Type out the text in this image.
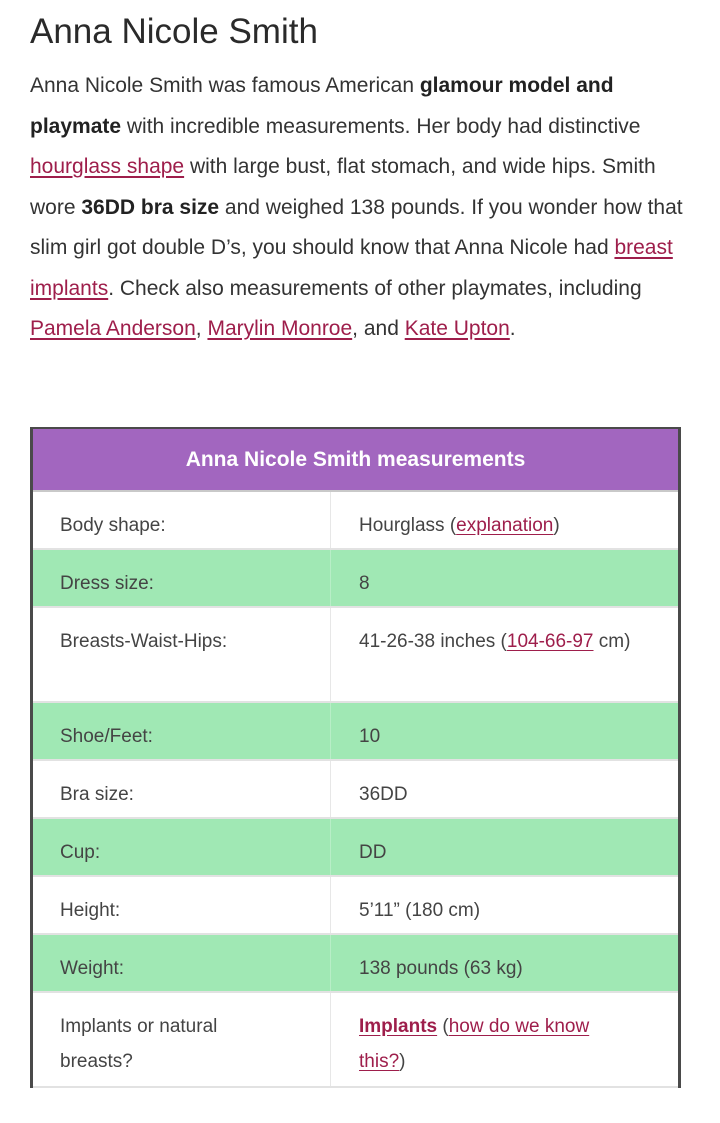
Anna Nicole Smith

Anna Nicole Smith was famous American glamour model and playmate with incredible measurements. Her body had distinctive hourglass shape with large bust, flat stomach, and wide hips. Smith wore 36DD bra size and weighed 138 pounds. If you wonder how that slim girl got double D’s, you should know that Anna Nicole had breast implants. Check also measurements of other playmates, including Pamela Anderson, Marylin Monroe, and Kate Upton.

Anna Nicole Smith measurements	
Body shape:	Hourglass (explanation)
Dress size:	8
Breasts-Waist-Hips:	41-26-38 inches (104-66-97 cm)

Shoe/Feet:	10
Bra size:	36DD
Cup:	DD
Height:	5’11” (180 cm)
Weight:	138 pounds (63 kg)

Implants or natural breasts?	Implants (how do we know this?)
